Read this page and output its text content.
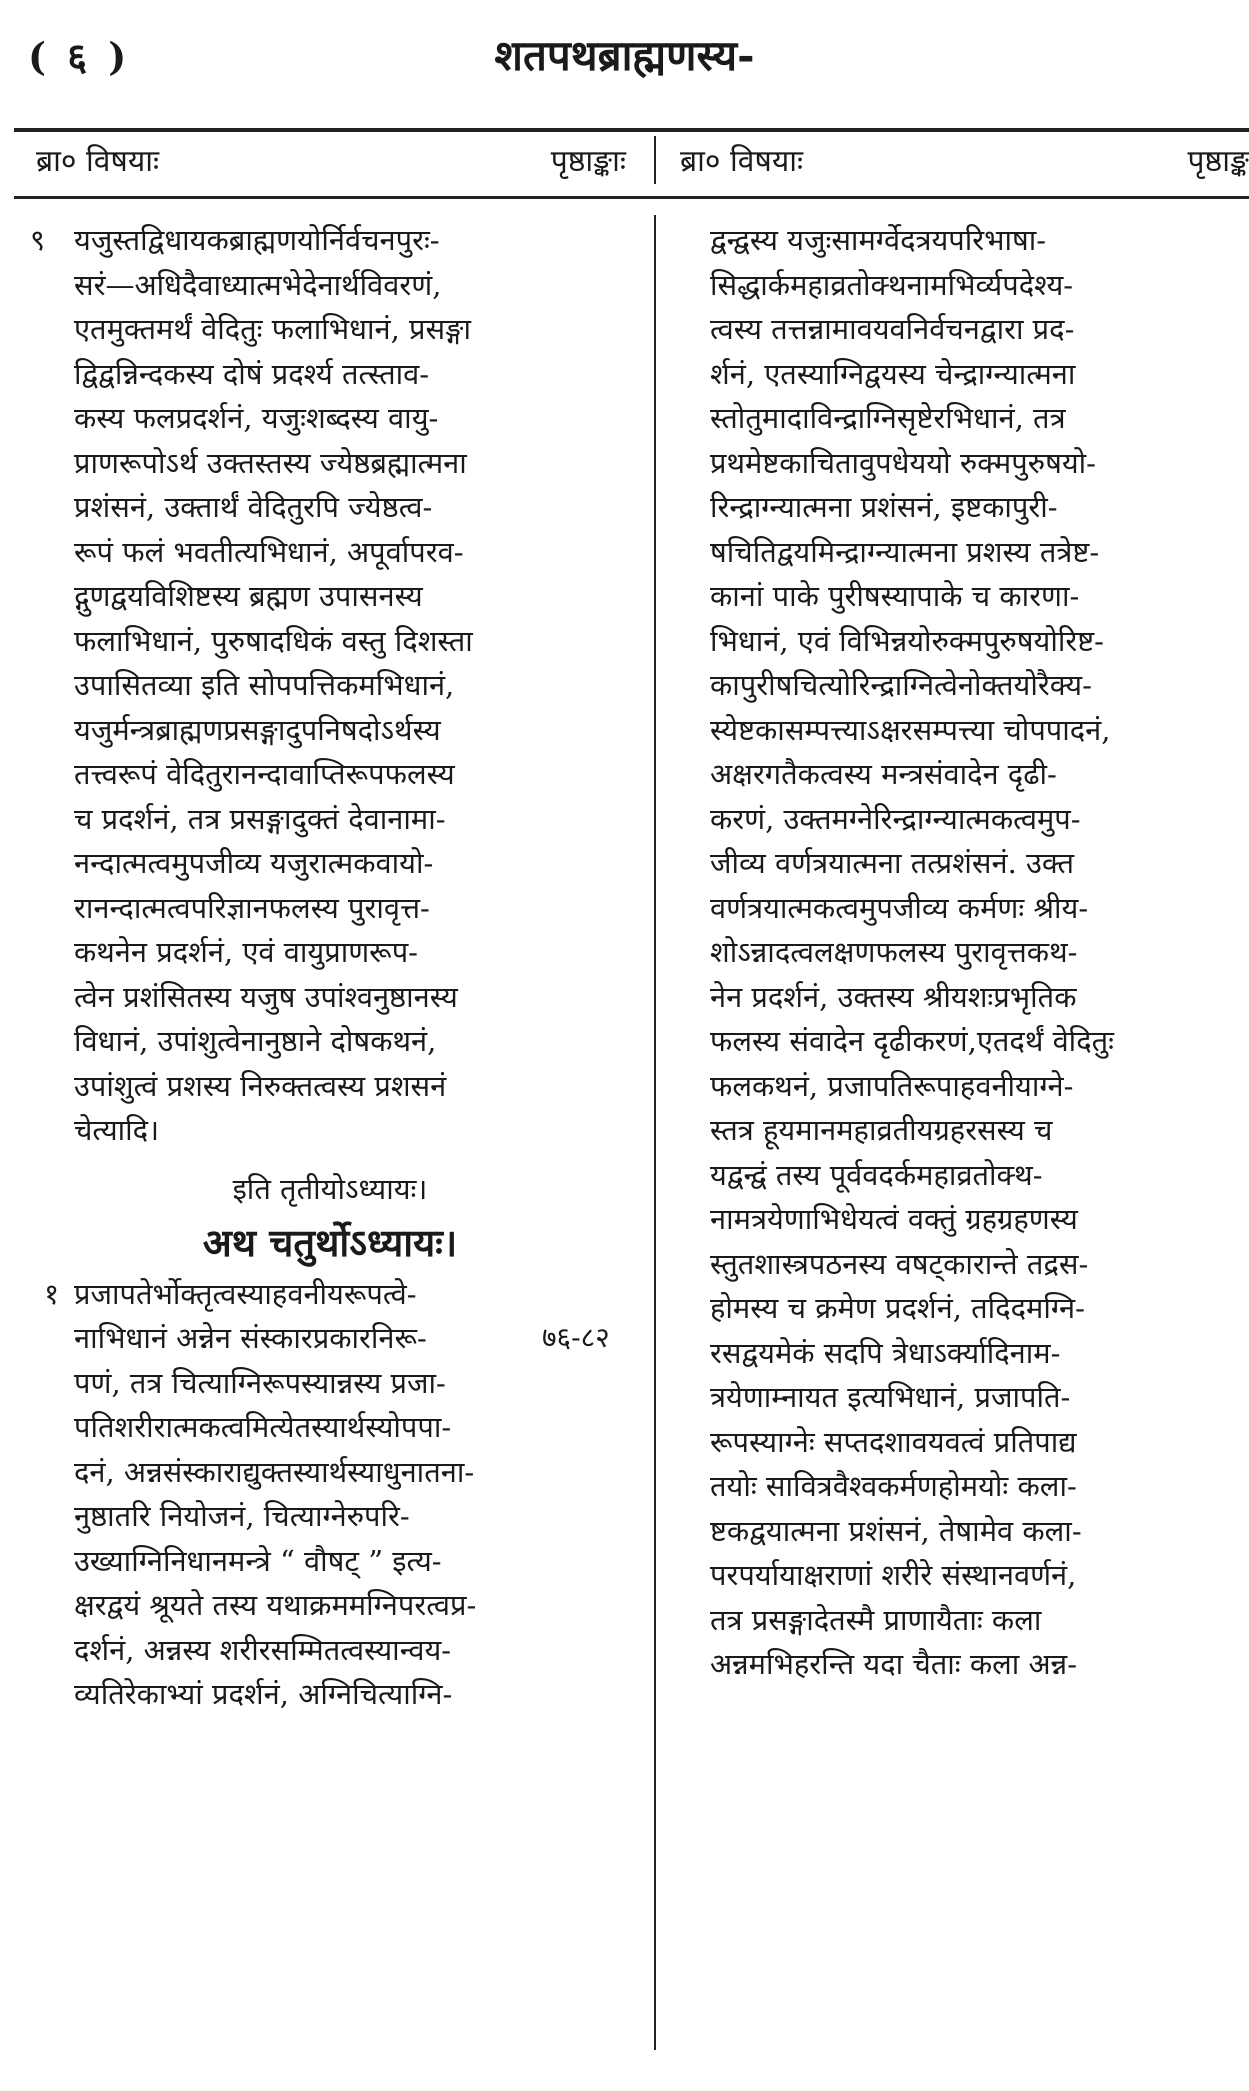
( ६ )	शतपथब्राह्मणस्य-
ब्रा० विषयाः	पृष्ठाङ्काः ब्रा० विषयाः	पृष्ठाङ्क
९ यजुस्तद्विधायकब्राह्मणयोर्निर्वचनपुरः-
सरं—अधिदैवाध्यात्मभेदेनार्थविवरणं,
एतमुक्तमर्थं वेदितुः फलाभिधानं, प्रसङ्गा
द्विद्वन्निन्दकस्य दोषं प्रदर्श्य तत्स्ताव-
कस्य फलप्रदर्शनं, यजुःशब्दस्य वायु-
प्राणरूपोऽर्थ उक्तस्तस्य ज्येष्ठब्रह्मात्मना
प्रशंसनं, उक्तार्थं वेदितुरपि ज्येष्ठत्व-
रूपं फलं भवतीत्यभिधानं, अपूर्वापरव-
द्गुणद्वयविशिष्टस्य ब्रह्मण उपासनस्य
फलाभिधानं, पुरुषादधिकं वस्तु दिशस्ता
उपासितव्या इति सोपपत्तिकमभिधानं,
यजुर्मन्त्रब्राह्मणप्रसङ्गादुपनिषदोऽर्थस्य
तत्त्वरूपं वेदितुरानन्दावाप्तिरूपफलस्य
च प्रदर्शनं, तत्र प्रसङ्गादुक्तं देवानामा-
नन्दात्मत्वमुपजीव्य यजुरात्मकवायो-
रानन्दात्मत्वपरिज्ञानफलस्य पुरावृत्त-
कथनेन प्रदर्शनं, एवं वायुप्राणरूप-
त्वेन प्रशंसितस्य यजुष उपांश्वनुष्ठानस्य
विधानं, उपांशुत्वेनानुष्ठाने दोषकथनं,
उपांशुत्वं प्रशस्य निरुक्तत्वस्य प्रशसनं
चेत्यादि।
इति तृतीयोऽध्यायः।
अथ चतुर्थोऽध्यायः।
१ प्रजापतेर्भोक्तृत्वस्याहवनीयरूपत्वे-
नाभिधानं अन्नेन संस्कारप्रकारनिरू-
पणं, तत्र चित्याग्निरूपस्यान्नस्य प्रजा-
पतिशरीरात्मकत्वमित्येतस्यार्थस्योपपा-
दनं, अन्नसंस्काराद्युक्तस्यार्थस्याधुनातना-
नुष्ठातरि नियोजनं, चित्याग्नेरुपरि-
उख्याग्निनिधानमन्त्रे “ वौषट् ” इत्य-
क्षरद्वयं श्रूयते तस्य यथाक्रममग्निपरत्वप्र-
दर्शनं, अन्नस्य शरीरसम्मितत्वस्यान्वय-
व्यतिरेकाभ्यां प्रदर्शनं, अग्निचित्याग्नि-
७६-८२
द्वन्द्वस्य यजुःसामर्ग्वेदत्रयपरिभाषा-
सिद्धार्कमहाव्रतोक्थनामभिर्व्यपदेश्य-
त्वस्य तत्तन्नामावयवनिर्वचनद्वारा प्रद-
र्शनं, एतस्याग्निद्वयस्य चेन्द्राग्न्यात्मना
स्तोतुमादाविन्द्राग्निसृष्टेरभिधानं, तत्र
प्रथमेष्टकाचितावुपधेययो रुक्मपुरुषयो-
रिन्द्राग्न्यात्मना प्रशंसनं, इष्टकापुरी-
षचितिद्वयमिन्द्राग्न्यात्मना प्रशस्य तत्रेष्ट-
कानां पाके पुरीषस्यापाके च कारणा-
भिधानं, एवं विभिन्नयोरुक्मपुरुषयोरिष्ट-
कापुरीषचित्योरिन्द्राग्नित्वेनोक्तयोरैक्य-
स्येष्टकासम्पत्त्याऽक्षरसम्पत्त्या चोपपादनं,
अक्षरगतैकत्वस्य मन्त्रसंवादेन दृढी-
करणं, उक्तमग्नेरिन्द्राग्न्यात्मकत्वमुप-
जीव्य वर्णत्रयात्मना तत्प्रशंसनं. उक्त
वर्णत्रयात्मकत्वमुपजीव्य कर्मणः श्रीय-
शोऽन्नादत्वलक्षणफलस्य पुरावृत्तकथ-
नेन प्रदर्शनं, उक्तस्य श्रीयशःप्रभृतिक
फलस्य संवादेन दृढीकरणं,एतदर्थं वेदितुः
फलकथनं, प्रजापतिरूपाहवनीयाग्ने-
स्तत्र हूयमानमहाव्रतीयग्रहरसस्य च
यद्वन्द्वं तस्य पूर्ववदर्कमहाव्रतोक्थ-
नामत्रयेणाभिधेयत्वं वक्तुं ग्रहग्रहणस्य
स्तुतशास्त्रपठनस्य वषट्कारान्ते तद्रस-
होमस्य च क्रमेण प्रदर्शनं, तदिदमग्नि-
रसद्वयमेकं सदपि त्रेधाऽर्क्यादिनाम-
त्रयेणाम्नायत इत्यभिधानं, प्रजापति-
रूपस्याग्नेः सप्तदशावयवत्वं प्रतिपाद्य
तयोः सावित्रवैश्वकर्मणहोमयोः कला-
ष्टकद्वयात्मना प्रशंसनं, तेषामेव कला-
परपर्यायाक्षराणां शरीरे संस्थानवर्णनं,
तत्र प्रसङ्गादेतस्मै प्राणायैताः कला
अन्नमभिहरन्ति यदा चैताः कला अन्न-
